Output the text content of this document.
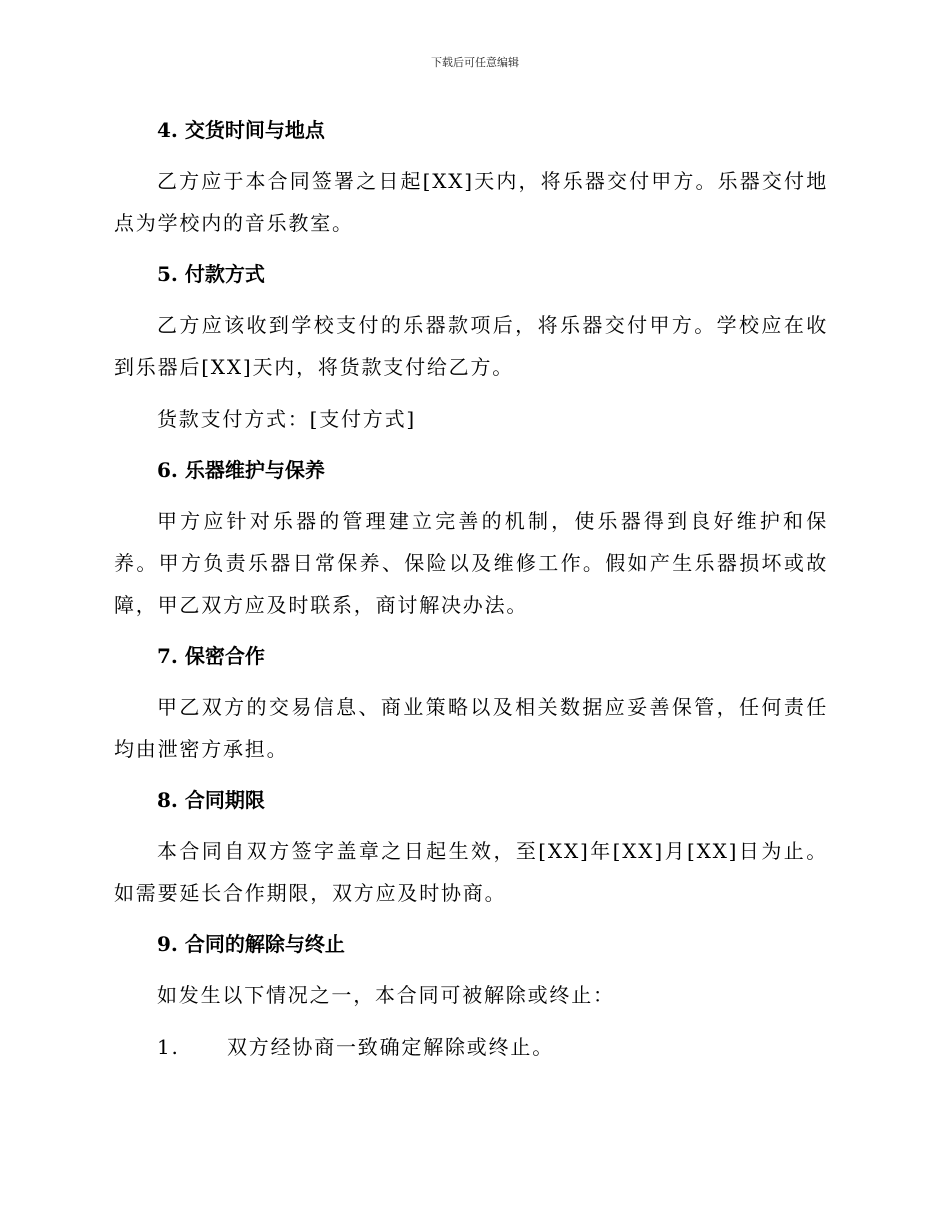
下载后可任意编辑
4. 交货时间与地点

乙方应于本合同签署之日起[XX]天内，将乐器交付甲方。乐器交付地点为学校内的音乐教室。

5. 付款方式

乙方应该收到学校支付的乐器款项后，将乐器交付甲方。学校应在收到乐器后[XX]天内，将货款支付给乙方。

货款支付方式：[支付方式]

6. 乐器维护与保养

甲方应针对乐器的管理建立完善的机制，使乐器得到良好维护和保养。甲方负责乐器日常保养、保险以及维修工作。假如产生乐器损坏或故障，甲乙双方应及时联系，商讨解决办法。

7. 保密合作

甲乙双方的交易信息、商业策略以及相关数据应妥善保管，任何责任均由泄密方承担。

8. 合同期限

本合同自双方签字盖章之日起生效，至[XX]年[XX]月[XX]日为止。如需要延长合作期限，双方应及时协商。

9. 合同的解除与终止

如发生以下情况之一，本合同可被解除或终止：

1. 双方经协商一致确定解除或终止。
